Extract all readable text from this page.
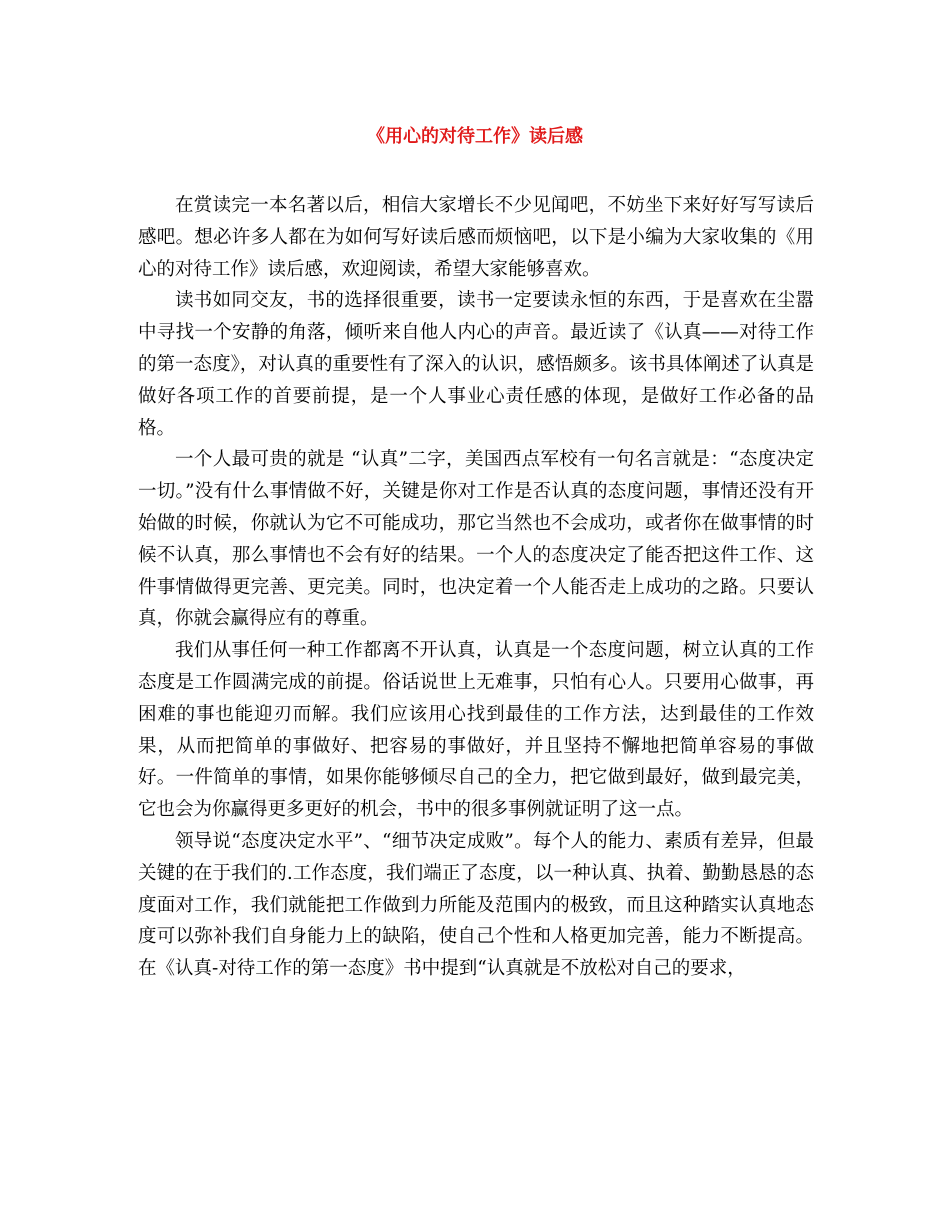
《用心的对待工作》读后感

在赏读完一本名著以后，相信大家增长不少见闻吧，不妨坐下来好好写写读后感吧。想必许多人都在为如何写好读后感而烦恼吧，以下是小编为大家收集的《用心的对待工作》读后感，欢迎阅读，希望大家能够喜欢。

读书如同交友，书的选择很重要，读书一定要读永恒的东西，于是喜欢在尘嚣中寻找一个安静的角落，倾听来自他人内心的声音。最近读了《认真——对待工作的第一态度》，对认真的重要性有了深入的认识，感悟颇多。该书具体阐述了认真是做好各项工作的首要前提，是一个人事业心责任感的体现，是做好工作必备的品格。

一个人最可贵的就是 “认真”二字，美国西点军校有一句名言就是：“态度决定一切。”没有什么事情做不好，关键是你对工作是否认真的态度问题，事情还没有开始做的时候，你就认为它不可能成功，那它当然也不会成功，或者你在做事情的时候不认真，那么事情也不会有好的结果。一个人的态度决定了能否把这件工作、这件事情做得更完善、更完美。同时，也决定着一个人能否走上成功的之路。只要认真，你就会赢得应有的尊重。

我们从事任何一种工作都离不开认真，认真是一个态度问题，树立认真的工作态度是工作圆满完成的前提。俗话说世上无难事，只怕有心人。只要用心做事，再困难的事也能迎刃而解。我们应该用心找到最佳的工作方法，达到最佳的工作效果，从而把简单的事做好、把容易的事做好，并且坚持不懈地把简单容易的事做好。一件简单的事情，如果你能够倾尽自己的全力，把它做到最好，做到最完美，它也会为你赢得更多更好的机会，书中的很多事例就证明了这一点。

领导说“态度决定水平”、“细节决定成败”。每个人的能力、素质有差异，但最关键的在于我们的.工作态度，我们端正了态度，以一种认真、执着、勤勤恳恳的态度面对工作，我们就能把工作做到力所能及范围内的极致，而且这种踏实认真地态度可以弥补我们自身能力上的缺陷，使自己个性和人格更加完善，能力不断提高。在《认真-对待工作的第一态度》书中提到“认真就是不放松对自己的要求，
